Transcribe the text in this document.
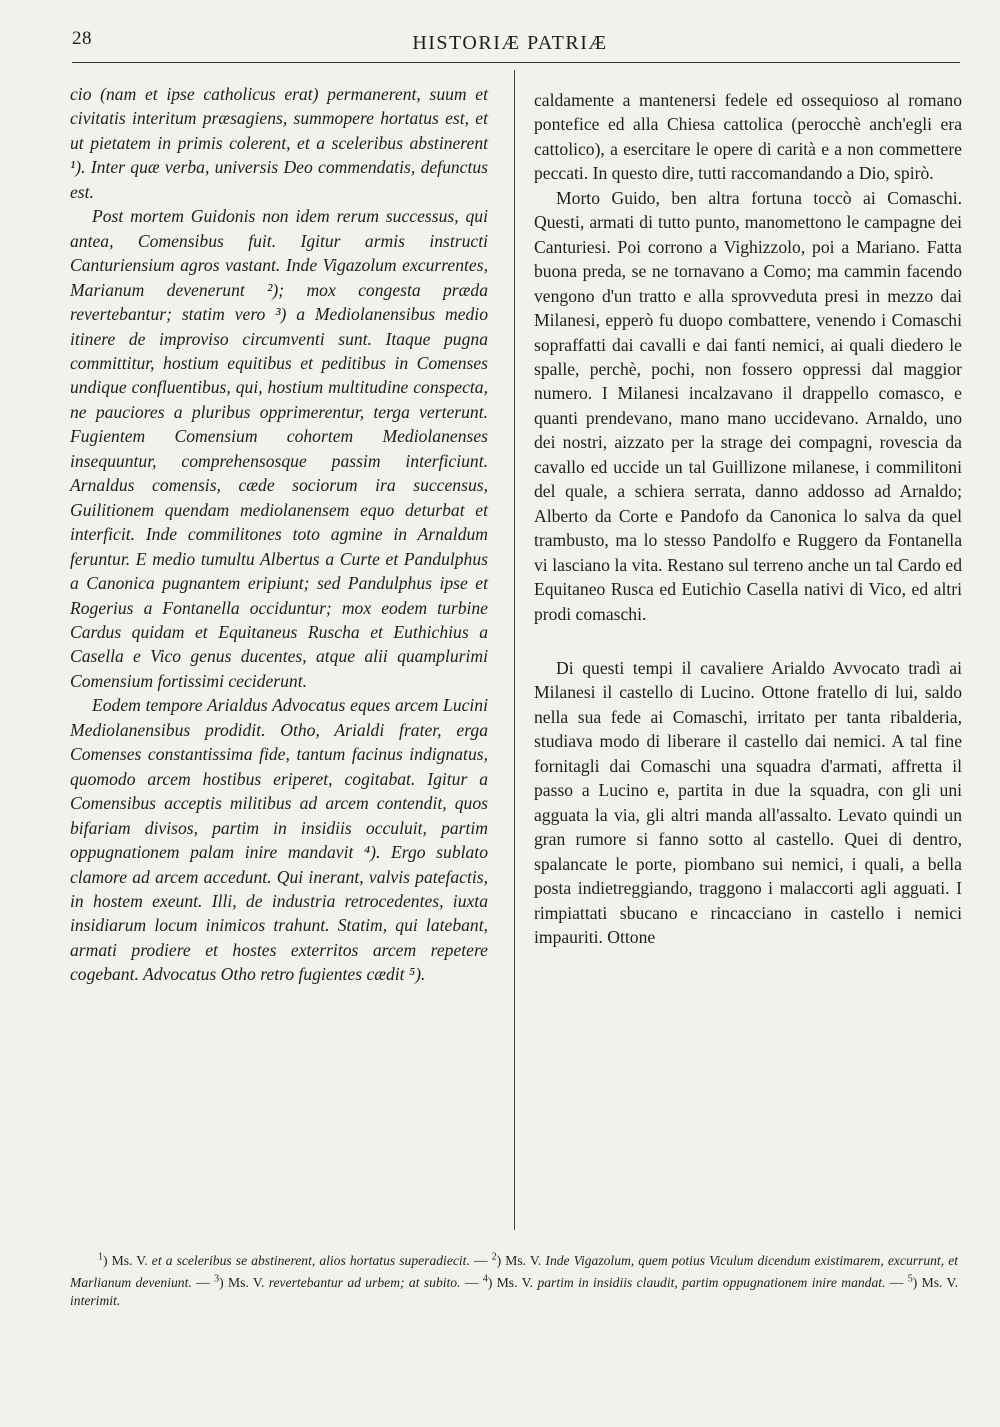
28	HISTORIÆ PATRIÆ

cio (nam et ipse catholicus erat) permanerent, suum et civitatis interitum præsagiens, summopere hortatus est, et ut pietatem in primis colerent, et a sceleribus abstinerent ¹). Inter quæ verba, universis Deo commendatis, defunctus est.

Post mortem Guidonis non idem rerum successus, qui antea, Comensibus fuit. Igitur armis instructi Canturiensium agros vastant. Inde Vigazolum excurrentes, Marianum devenerunt ²); mox congesta præda revertebantur; statim vero ³) a Mediolanensibus medio itinere de improviso circumventi sunt. Itaque pugna committitur, hostium equitibus et peditibus in Comenses undique confluentibus, qui, hostium multitudine conspecta, ne pauciores a pluribus opprimerentur, terga verterunt. Fugientem Comensium cohortem Mediolanenses insequuntur, comprehensosque passim interficiunt. Arnaldus comensis, cæde sociorum ira succensus, Guilitionem quendam mediolanensem equo deturbat et interficit. Inde commilitones toto agmine in Arnaldum feruntur. E medio tumultu Albertus a Curte et Pandulphus a Canonica pugnantem eripiunt; sed Pandulphus ipse et Rogerius a Fontanella occiduntur; mox eodem turbine Cardus quidam et Equitaneus Ruscha et Euthichius a Casella e Vico genus ducentes, atque alii quamplurimi Comensium fortissimi ceciderunt.

Eodem tempore Arialdus Advocatus eques arcem Lucini Mediolanensibus prodidit. Otho, Arialdi frater, erga Comenses constantissima fide, tantum facinus indignatus, quomodo arcem hostibus eriperet, cogitabat. Igitur a Comensibus acceptis militibus ad arcem contendit, quos bifariam divisos, partim in insidiis occuluit, partim oppugnationem palam inire mandavit ⁴). Ergo sublato clamore ad arcem accedunt. Qui inerant, valvis patefactis, in hostem exeunt. Illi, de industria retrocedentes, iuxta insidiarum locum inimicos trahunt. Statim, qui latebant, armati prodiere et hostes exterritos arcem repetere cogebant. Advocatus Otho retro fugientes cædit ⁵).

caldamente a mantenersi fedele ed ossequioso al romano pontefice ed alla Chiesa cattolica (perocchè anch'egli era cattolico), a esercitare le opere di carità e a non commettere peccati. In questo dire, tutti raccomandando a Dio, spirò.

Morto Guido, ben altra fortuna toccò ai Comaschi. Questi, armati di tutto punto, manomettono le campagne dei Canturiesi. Poi corrono a Vighizzolo, poi a Mariano. Fatta buona preda, se ne tornavano a Como; ma cammin facendo vengono d'un tratto e alla sprovveduta presi in mezzo dai Milanesi, epperò fu duopo combattere, venendo i Comaschi sopraffatti dai cavalli e dai fanti nemici, ai quali diedero le spalle, perchè, pochi, non fossero oppressi dal maggior numero. I Milanesi incalzavano il drappello comasco, e quanti prendevano, mano mano uccidevano. Arnaldo, uno dei nostri, aizzato per la strage dei compagni, rovescia da cavallo ed uccide un tal Guillizone milanese, i commilitoni del quale, a schiera serrata, danno addosso ad Arnaldo; Alberto da Corte e Pandofo da Canonica lo salva da quel trambusto, ma lo stesso Pandolfo e Ruggero da Fontanella vi lasciano la vita. Restano sul terreno anche un tal Cardo ed Equitaneo Rusca ed Eutichio Casella nativi di Vico, ed altri prodi comaschi.

Di questi tempi il cavaliere Arialdo Avvocato tradì ai Milanesi il castello di Lucino. Ottone fratello di lui, saldo nella sua fede ai Comaschi, irritato per tanta ribalderia, studiava modo di liberare il castello dai nemici. A tal fine fornitagli dai Comaschi una squadra d'armati, affretta il passo a Lucino e, partita in due la squadra, con gli uni agguata la via, gli altri manda all'assalto. Levato quindi un gran rumore si fanno sotto al castello. Quei di dentro, spalancate le porte, piombano sui nemici, i quali, a bella posta indietreggiando, traggono i malaccorti agli agguati. I rimpiattati sbucano e rincacciano in castello i nemici impauriti. Ottone

$^1$) Ms. V. et a sceleribus se abstinerent, alios hortatus superadiecit. — $^2$) Ms. V. Inde Vigazolum, quem potius Viculum dicendum existimarem, excurrunt, et Marlianum deveniunt. — $^3$) Ms. V. revertebantur ad urbem; at subito. — $^4$) Ms. V. partim in insidiis claudit, partim oppugnationem inire mandat. — $^5$) Ms. V. interimit.
